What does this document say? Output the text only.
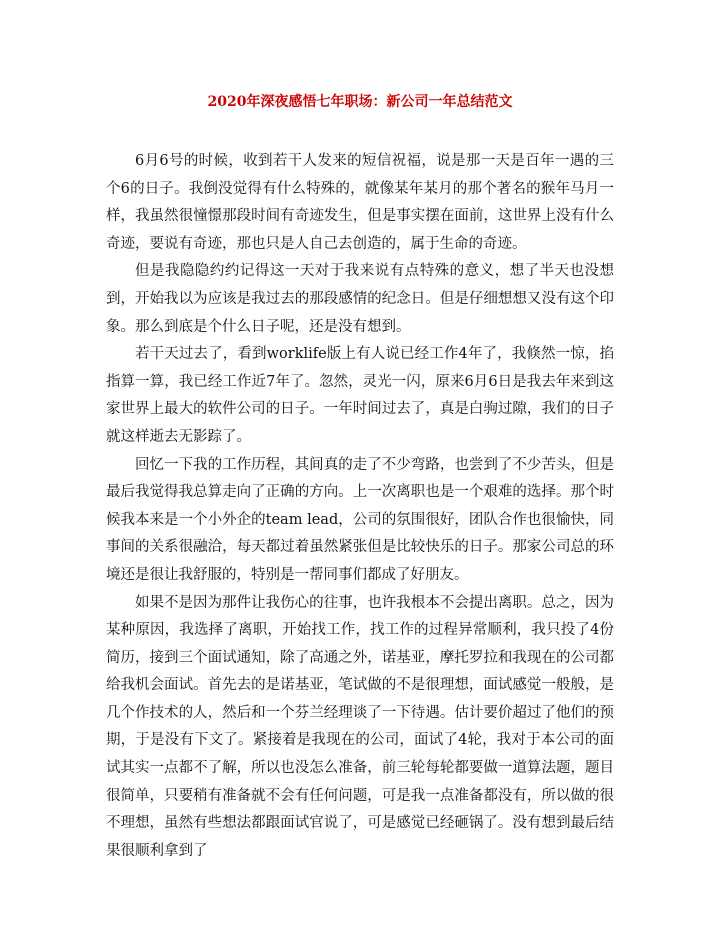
2020年深夜感悟七年职场：新公司一年总结范文

6月6号的时候，收到若干人发来的短信祝福，说是那一天是百年一遇的三个6的日子。我倒没觉得有什么特殊的，就像某年某月的那个著名的猴年马月一样，我虽然很憧憬那段时间有奇迹发生，但是事实摆在面前，这世界上没有什么奇迹，要说有奇迹，那也只是人自己去创造的，属于生命的奇迹。

但是我隐隐约约记得这一天对于我来说有点特殊的意义，想了半天也没想到，开始我以为应该是我过去的那段感情的纪念日。但是仔细想想又没有这个印象。那么到底是个什么日子呢，还是没有想到。

若干天过去了，看到worklife版上有人说已经工作4年了，我倏然一惊，掐指算一算，我已经工作近7年了。忽然，灵光一闪，原来6月6日是我去年来到这家世界上最大的软件公司的日子。一年时间过去了，真是白驹过隙，我们的日子就这样逝去无影踪了。

回忆一下我的工作历程，其间真的走了不少弯路，也尝到了不少苦头，但是最后我觉得我总算走向了正确的方向。上一次离职也是一个艰难的选择。那个时候我本来是一个小外企的team lead，公司的氛围很好，团队合作也很愉快，同事间的关系很融洽，每天都过着虽然紧张但是比较快乐的日子。那家公司总的环境还是很让我舒服的，特别是一帮同事们都成了好朋友。

如果不是因为那件让我伤心的往事，也许我根本不会提出离职。总之，因为某种原因，我选择了离职，开始找工作，找工作的过程异常顺利，我只投了4份简历，接到三个面试通知，除了高通之外，诺基亚，摩托罗拉和我现在的公司都给我机会面试。首先去的是诺基亚，笔试做的不是很理想，面试感觉一般般，是几个作技术的人，然后和一个芬兰经理谈了一下待遇。估计要价超过了他们的预期，于是没有下文了。紧接着是我现在的公司，面试了4轮，我对于本公司的面试其实一点都不了解，所以也没怎么准备，前三轮每轮都要做一道算法题，题目很简单，只要稍有准备就不会有任何问题，可是我一点准备都没有，所以做的很不理想，虽然有些想法都跟面试官说了，可是感觉已经砸锅了。没有想到最后结果很顺利拿到了
